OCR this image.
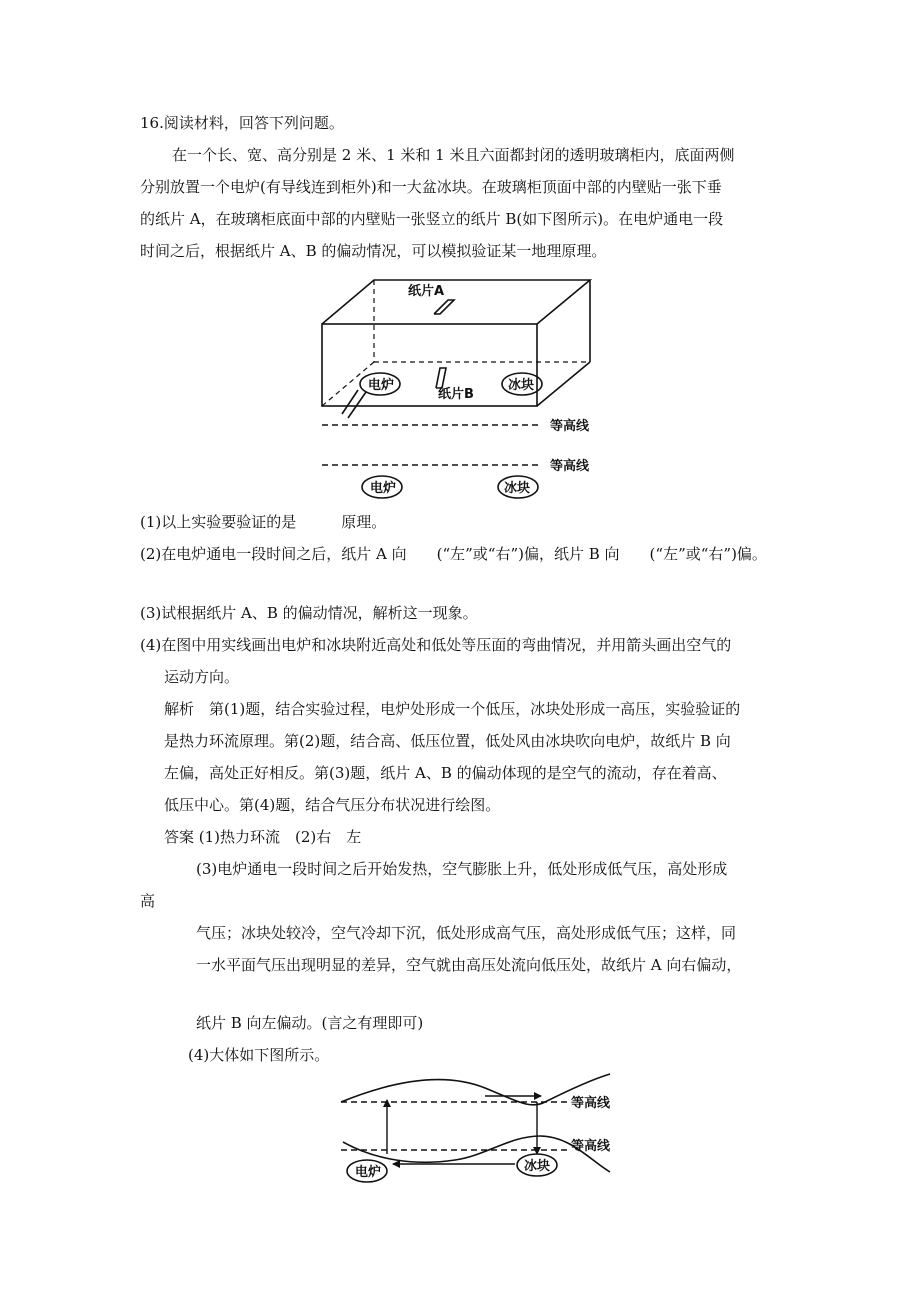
16.阅读材料，回答下列问题。
在一个长、宽、高分别是 2 米、1 米和 1 米且六面都封闭的透明玻璃柜内，底面两侧
分别放置一个电炉(有导线连到柜外)和一大盆冰块。在玻璃柜顶面中部的内壁贴一张下垂
的纸片 A，在玻璃柜底面中部的内壁贴一张竖立的纸片 B(如下图所示)。在电炉通电一段
时间之后，根据纸片 A、B 的偏动情况，可以模拟验证某一地理原理。
纸片A
纸片B
电炉	冰块
等高线
等高线
电炉	冰块
(1)以上实验要验证的是　　　原理。
(2)在电炉通电一段时间之后，纸片 A 向　　(“左”或“右”)偏，纸片 B 向　　(“左”或“右”)偏。
(3)试根据纸片 A、B 的偏动情况，解析这一现象。
(4)在图中用实线画出电炉和冰块附近高处和低处等压面的弯曲情况，并用箭头画出空气的
运动方向。
解析　第(1)题，结合实验过程，电炉处形成一个低压，冰块处形成一高压，实验验证的
是热力环流原理。第(2)题，结合高、低压位置，低处风由冰块吹向电炉，故纸片 B 向
左偏，高处正好相反。第(3)题，纸片 A、B 的偏动体现的是空气的流动，存在着高、
低压中心。第(4)题，结合气压分布状况进行绘图。
答案 (1)热力环流　(2)右　左
(3)电炉通电一段时间之后开始发热，空气膨胀上升，低处形成低气压，高处形成
高
气压；冰块处较冷，空气冷却下沉，低处形成高气压，高处形成低气压；这样，同
一水平面气压出现明显的差异，空气就由高压处流向低压处，故纸片 A 向右偏动，
纸片 B 向左偏动。(言之有理即可)
(4)大体如下图所示。
等高线
等高线
电炉	冰块
